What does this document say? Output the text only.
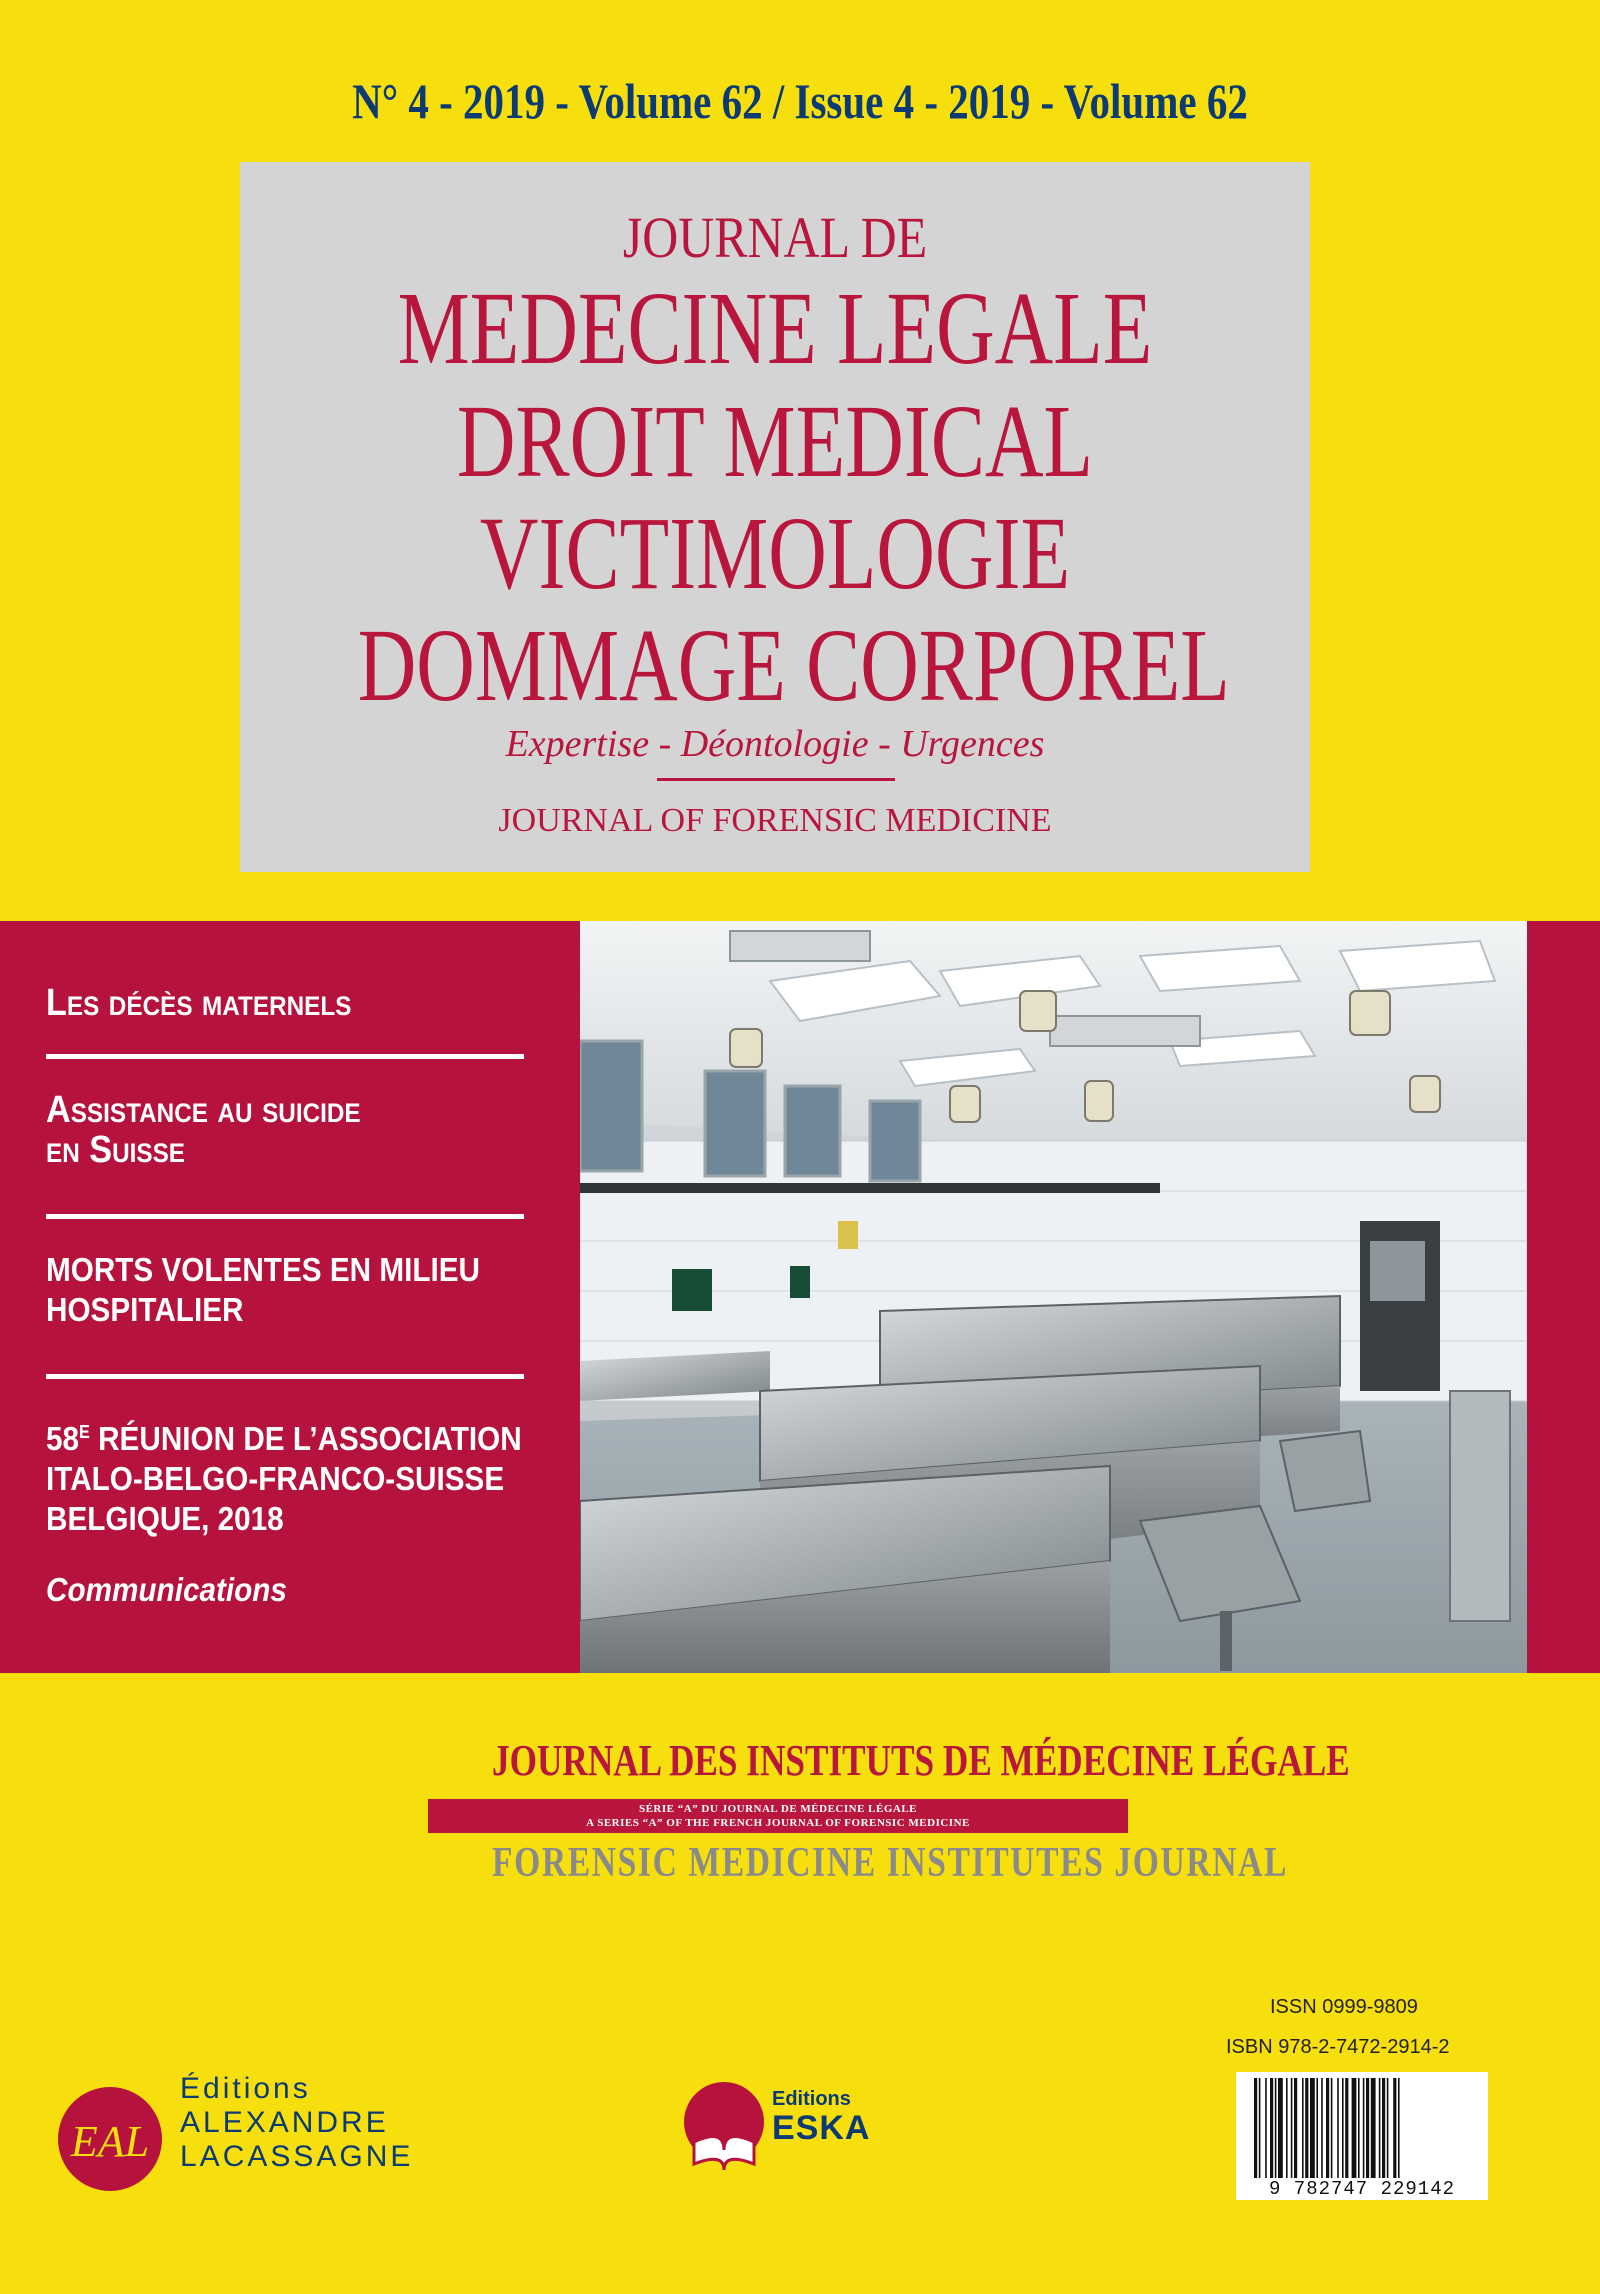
N° 4 - 2019 - Volume 62 / Issue 4 - 2019 - Volume 62
JOURNAL DE
MEDECINE LEGALE
DROIT MEDICAL
VICTIMOLOGIE
DOMMAGE CORPOREL
Expertise - Déontologie - Urgences
JOURNAL OF FORENSIC MEDICINE
Les décès maternels
Assistance au suicide
en Suisse
MORTS VOLENTES EN MILIEU
HOSPITALIER
$58^E$ RÉUNION DE L’ASSOCIATION
ITALO-BELGO-FRANCO-SUISSE
BELGIQUE, 2018
Communications
JOURNAL DES INSTITUTS DE MÉDECINE LÉGALE
SÉRIE “A” DU JOURNAL DE MÉDECINE LÉGALE
A SERIES “A” OF THE FRENCH JOURNAL OF FORENSIC MEDICINE
FORENSIC MEDICINE INSTITUTES JOURNAL
ISSN 0999-9809
ISBN 978-2-7472-2914-2
9 782747 229142
EAL
Éditions
ALEXANDRE
LACASSAGNE
Editions
ESKA
